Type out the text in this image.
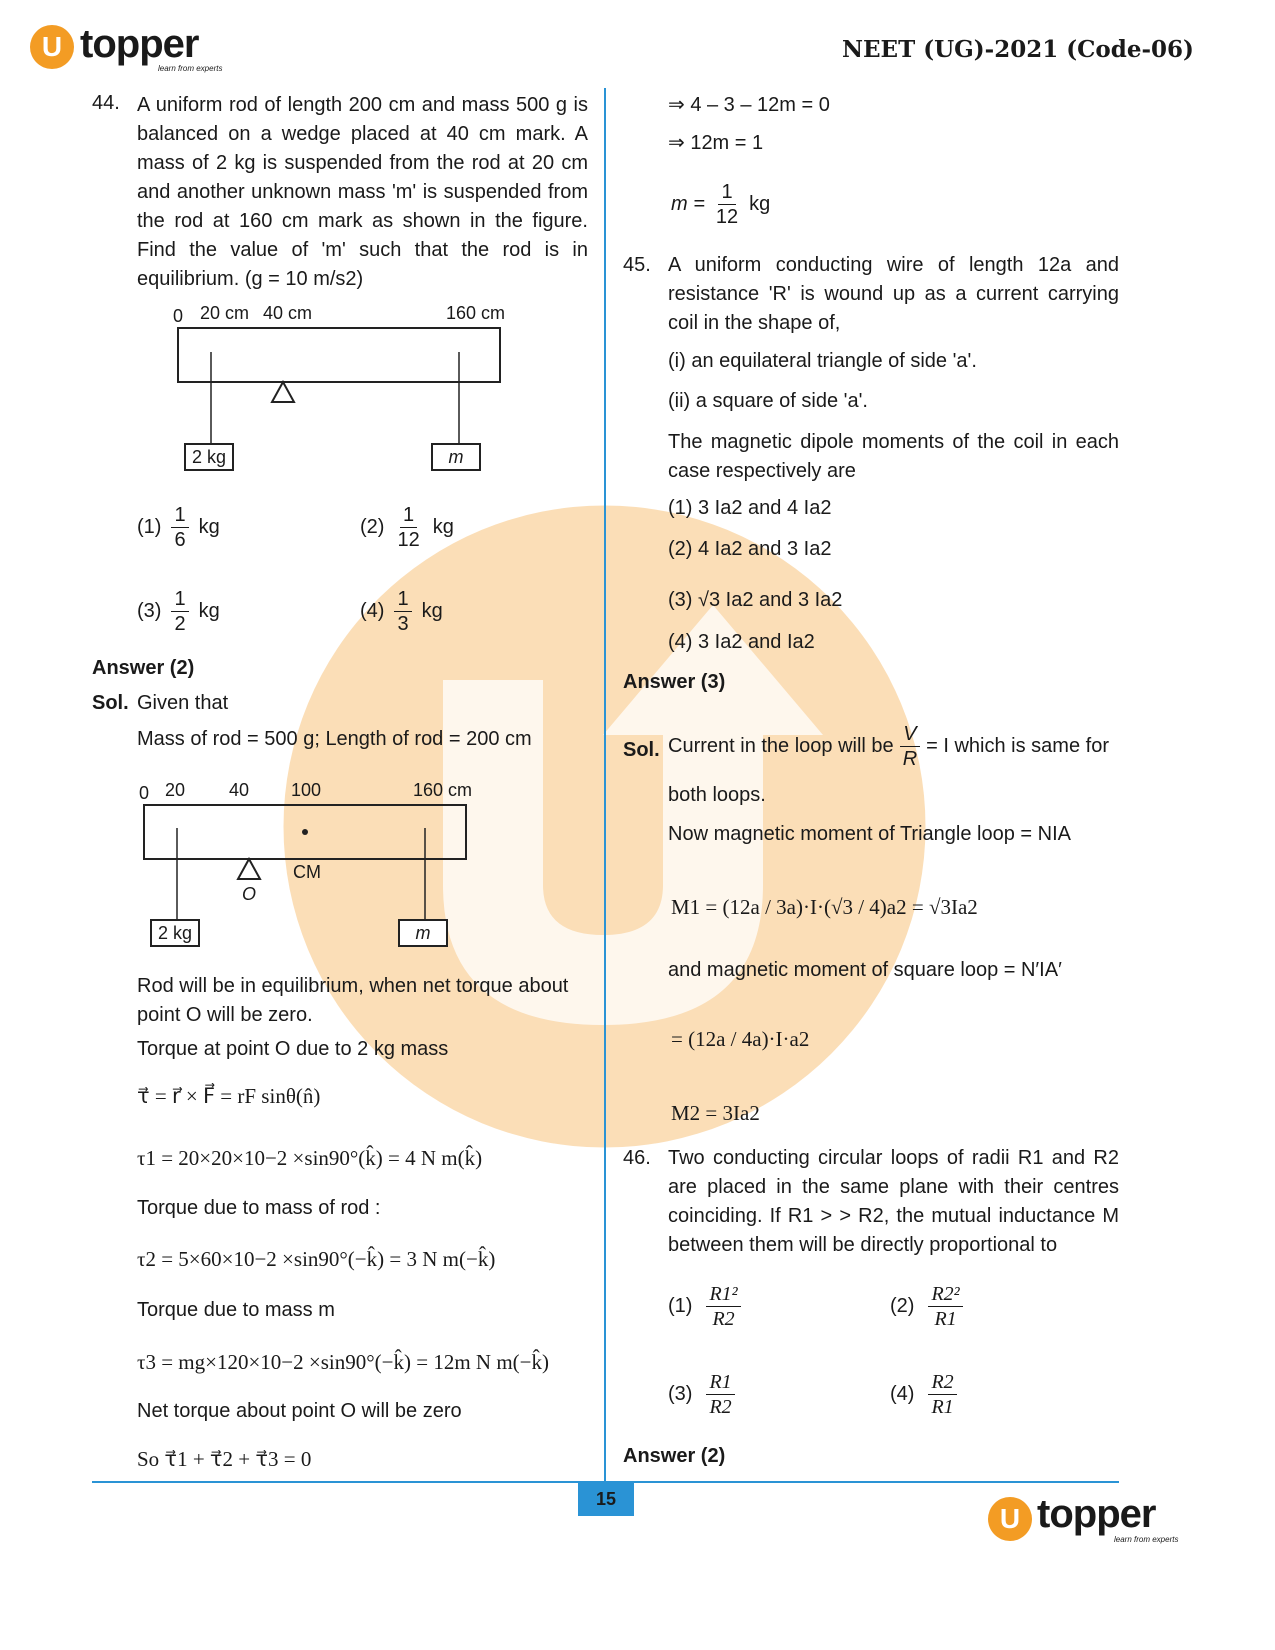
U topper
learn from experts
NEET (UG)-2021 (Code-06)
44. A uniform rod of length 200 cm and mass 500 g is balanced on a wedge placed at 40 cm mark. A mass of 2 kg is suspended from the rod at 20 cm and another unknown mass 'm' is suspended from the rod at 160 cm mark as shown in the figure. Find the value of 'm' such that the rod is in equilibrium. (g = 10 m/s2)
0 20 cm 40 cm	160 cm
2 kg	m
$(1) \frac{1}{6}$ kg	$(2) \frac{1}{12}$ kg
$(3) \frac{1}{2}$ kg	$(4) \frac{1}{3}$ kg
Answer (2)
Sol. Given that
Mass of rod = 500 g; Length of rod = 200 cm
0 20 40 100	160 cm
O
CM
2 kg	m
Rod will be in equilibrium, when net torque about point O will be zero.
Torque at point O due to 2 kg mass
τ⃗ = r⃗ × F⃗ = rF sinθ(n̂)
τ1 = 20×20×10−2 ×sin90°(k̂) = 4 N m(k̂)
Torque due to mass of rod :
τ2 = 5×60×10−2 ×sin90°(−k̂) = 3 N m(−k̂)
Torque due to mass m
τ3 = mg×120×10−2 ×sin90°(−k̂) = 12m N m(−k̂)
Net torque about point O will be zero
So τ⃗1 + τ⃗2 + τ⃗3 = 0
⇒ 4 – 3 – 12m = 0
⇒ 12m = 1
$m = \frac{1}{12}$ kg
45. A uniform conducting wire of length 12a and resistance 'R' is wound up as a current carrying coil in the shape of,
(i) an equilateral triangle of side 'a'.
(ii) a square of side 'a'.
The magnetic dipole moments of the coil in each case respectively are
(1) 3 Ia2 and 4 Ia2
(2) 4 Ia2 and 3 Ia2
(3) √3 Ia2 and 3 Ia2
(4) 3 Ia2 and Ia2
Answer (3)
Sol. Current in the loop will be $\frac{V}{R} = I$ which is same for
both loops.
Now magnetic moment of Triangle loop = NIA
M1 = (12a / 3a)·I·(√3 / 4)a2 = √3Ia2
and magnetic moment of square loop = N′IA′
= (12a / 4a)·I·a2
M2 = 3Ia2
46. Two conducting circular loops of radii R1 and R2 are placed in the same plane with their centres coinciding. If R1 > > R2, the mutual inductance M between them will be directly proportional to
$(1) \frac{\text{R1²}}{R2}$	$(2) \frac{\text{R2²}}{R1}$
$(3) \frac{R1}{R2}$	$(4) \frac{R2}{R1}$
Answer (2)
15
U topper
learn from experts
